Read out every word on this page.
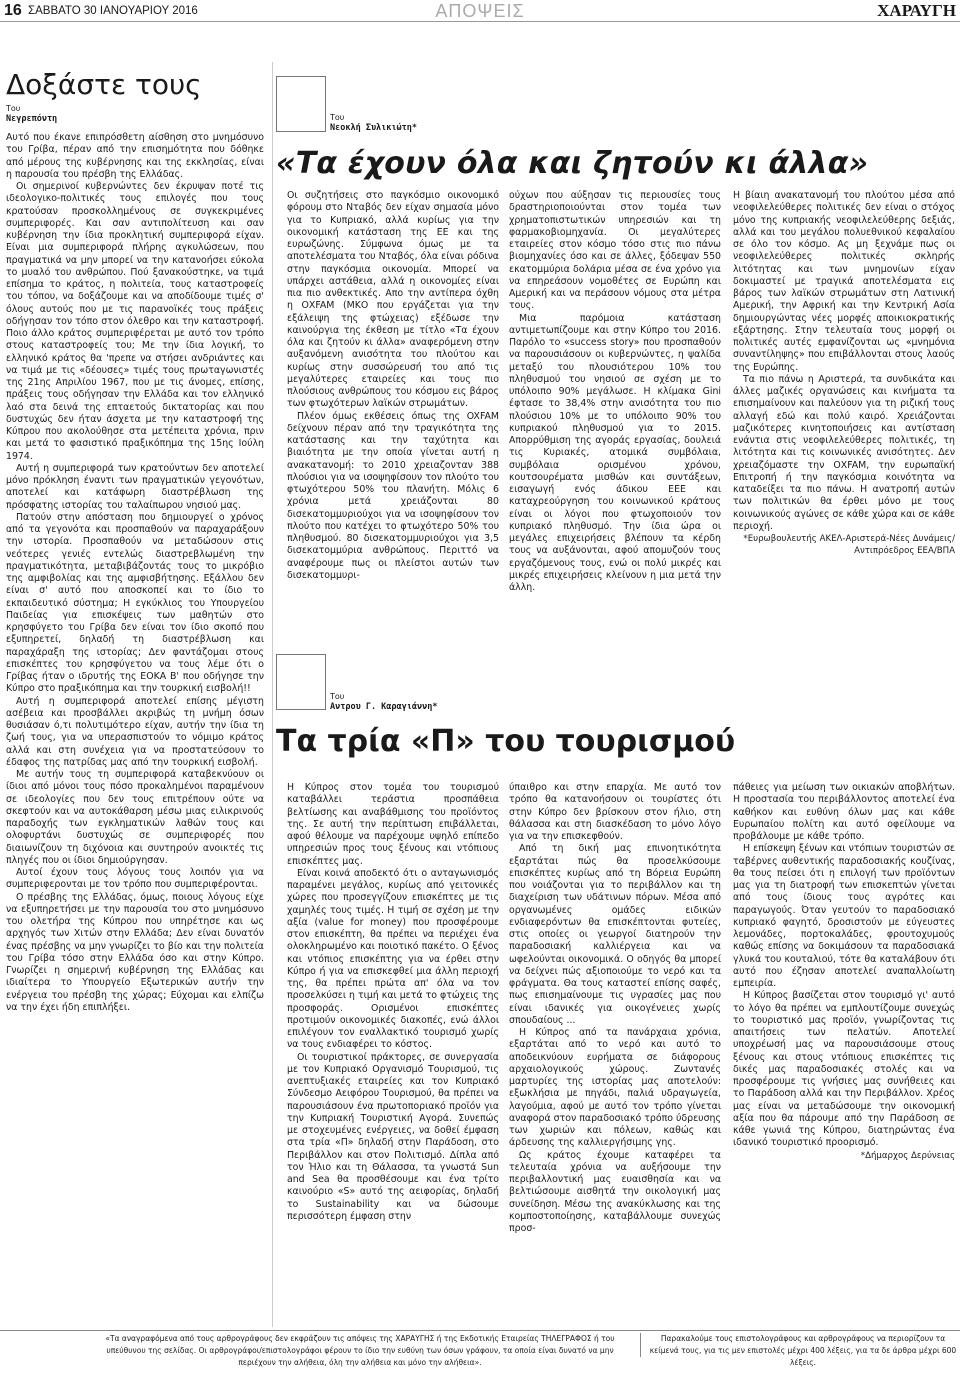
16	ΑΠΟΨΕΙΣ
ΣΑΒΒΑΤΟ 30 ΙΑΝΟΥΑΡΙΟΥ 2016	ΧΑΡΑΥΓΗ
Δοξάστε τους
Του
Νεγρεπόντη

Αυτό που έκανε επιπρόσθετη αίσθηση στο μνημόσυνο του Γρίβα, πέραν από την επισημότητα που δόθηκε από μέρους της κυβέρνησης και της εκκλησίας, είναι η παρουσία του πρέσβη της Ελλάδας.

Οι σημερινοί κυβερνώντες δεν έκρυψαν ποτέ τις ιδεολογικο-πολιτικές τους επιλογές που τους κρατούσαν προσκολλημένους σε συγκεκριμένες συμπεριφορές. Και σαν αντιπολίτευση και σαν κυβέρνηση την ίδια προκλητική συμπεριφορά είχαν. Είναι μια συμπεριφορά πλήρης αγκυλώσεων, που πραγματικά να μην μπορεί να την κατανοήσει εύκολα το μυαλό του ανθρώπου. Πού ξανακούστηκε, να τιμά επίσημα το κράτος, η πολιτεία, τους καταστροφείς του τόπου, να δοξάζουμε και να αποδίδουμε τιμές σ' όλους αυτούς που με τις παρανοϊκές τους πράξεις οδήγησαν τον τόπο στον όλεθρο και την καταστροφή. Ποιο άλλο κράτος συμπεριφέρεται με αυτό τον τρόπο στους καταστροφείς του; Με την ίδια λογική, το ελληνικό κράτος θα 'πρεπε να στήσει ανδριάντες και να τιμά με τις «δέουσες» τιμές τους πρωταγωνιστές της 21ης Απριλίου 1967, που με τις άνομες, επίσης, πράξεις τους οδήγησαν την Ελλάδα και τον ελληνικό λαό στα δεινά της επταετούς δικτατορίας και που δυστυχώς δεν ήταν άσχετα με την καταστροφή της Κύπρου που ακολούθησε στα μετέπειτα χρόνια, πριν και μετά το φασιστικό πραξικόπημα της 15ης Ιούλη 1974.

Αυτή η συμπεριφορά των κρατούντων δεν αποτελεί μόνο πρόκληση έναντι των πραγματικών γεγονότων, αποτελεί και κατάφωρη διαστρέβλωση της πρόσφατης ιστορίας του ταλαίπωρου νησιού μας.

Πατούν στην απόσταση που δημιουργεί ο χρόνος από τα γεγονότα και προσπαθούν να παραχαράξουν την ιστορία. Προσπαθούν να μεταδώσουν στις νεότερες γενιές εντελώς διαστρεβλωμένη την πραγματικότητα, μεταβιβάζοντάς τους το μικρόβιο της αμφιβολίας και της αμφισβήτησης. Εξάλλου δεν είναι σ' αυτό που αποσκοπεί και το ίδιο το εκπαιδευτικό σύστημα; Η εγκύκλιος του Υπουργείου Παιδείας για επισκέψεις των μαθητών στο κρησφύγετο του Γρίβα δεν είναι τον ίδιο σκοπό που εξυπηρετεί, δηλαδή τη διαστρέβλωση και παραχάραξη της ιστορίας; Δεν φαντάζομαι στους επισκέπτες του κρησφύγετου να τους λέμε ότι ο Γρίβας ήταν ο ιδρυτής της ΕΟΚΑ Β' που οδήγησε την Κύπρο στο πραξικόπημα και την τουρκική εισβολή!!

Αυτή η συμπεριφορά αποτελεί επίσης μέγιστη ασέβεια και προσβάλλει ακριβώς τη μνήμη όσων θυσιάσαν ό,τι πολυτιμότερο είχαν, αυτήν την ίδια τη ζωή τους, για να υπερασπιστούν το νόμιμο κράτος αλλά και στη συνέχεια για να προστατεύσουν το έδαφος της πατρίδας μας από την τουρκική εισβολή.

Με αυτήν τους τη συμπεριφορά καταβεκνύουν οι ίδιοι από μόνοι τους πόσο προκαλημένοι παραμένουν σε ιδεολογίες που δεν τους επιτρέπουν ούτε να σκεφτούν και να αυτοκάθαρση μέσω μιας ειλικρινούς παραδοχής των εγκληματικών λαθών τους και ολοφυρτάνι δυστυχώς σε συμπεριφορές που διαιωνίζουν τη διχόνοια και συντηρούν ανοικτές τις πληγές που οι ίδιοι δημιούργησαν.

Αυτοί έχουν τους λόγους τους λοιπόν για να συμπεριφερονται με τον τρόπο που συμπεριφέρονται.

Ο πρέσβης της Ελλάδας, όμως, ποιους λόγους είχε να εξυπηρετήσει με την παρουσία του στο μνημόσυνο του ολετήρα της Κύπρου που υπηρέτησε και ως αρχηγός των Χιτών στην Ελλάδα; Δεν είναι δυνατόν ένας πρέσβης να μην γνωρίζει το βίο και την πολιτεία του Γρίβα τόσο στην Ελλάδα όσο και στην Κύπρο. Γνωρίζει η σημερινή κυβέρνηση της Ελλάδας και ιδιαίτερα το Υπουργείο Εξωτερικών αυτήν την ενέργεια του πρέσβη της χώρας; Εύχομαι και ελπίζω να την έχει ήδη επιπλήξει.

Του
Νεοκλή Συλικιώτη*
«Τα έχουν όλα και ζητούν κι άλλα»

Οι συζητήσεις στο παγκόσμιο οικονομικό φόρουμ στο Νταβός δεν είχαν σημασία μόνο για το Κυπριακό, αλλά κυρίως για την οικονομική κατάσταση της ΕΕ και της ευρωζώνης. Σύμφωνα όμως με τα αποτελέσματα του Νταβός, όλα είναι ρόδινα στην παγκόσμια οικονομία. Μπορεί να υπάρχει αστάθεια, αλλά η οικονομίες είναι πια πιο ανθεκτικές. Απο την αντίπερα όχθη η ΟΧFAM (ΜΚΟ που εργάζεται για την εξάλειψη της φτώχειας) εξέδωσε την καινούργια της έκθεση με τίτλο «Τα έχουν όλα και ζητούν κι άλλα» αναφερόμενη στην αυξανόμενη ανισότητα του πλούτου και κυρίως στην συσσώρευσή του από τις μεγαλύτερες εταιρείες και τους πιο πλούσιους ανθρώπους του κόσμου εις βάρος των φτωχότερων λαϊκών στρωμάτων.

Πλέον όμως εκθέσεις όπως της OXFAM δείχνουν πέραν από την τραγικότητα της κατάστασης και την ταχύτητα και βιαιότητα με την οποία γίνεται αυτή η ανακατανομή: το 2010 χρειαζονταν 388 πλούσιοι για να ισοψηφίσουν τον πλούτο του φτωχότερου 50% του πλανήτη. Μόλις 6 χρόνια μετά χρειάζονται 80 δισεκατομμυριούχοι για να ισοψηφίσουν τον πλούτο που κατέχει το φτωχότερο 50% του πληθυσμού. 80 δισεκατομμυριούχοι για 3,5 δισεκατομμύρια ανθρώπους. Περιττό να αναφέρουμε πως οι πλείστοι αυτών των δισεκατομμυρι-

ούχων που αύξησαν τις περιουσίες τους δραστηριοποιούνται στον τομέα των χρηματοπιστωτικών υπηρεσιών και τη φαρμακοβιομηχανία. Οι μεγαλύτερες εταιρείες στον κόσμο τόσο στις πιο πάνω βιομηχανίες όσο και σε άλλες, ξόδεψαν 550 εκατομμύρια δολάρια μέσα σε ένα χρόνο για να επηρεάσουν νομοθέτες σε Ευρώπη και Αμερική και να περάσουν νόμους στα μέτρα τους.

Μια παρόμοια κατάσταση αντιμετωπίζουμε και στην Κύπρο του 2016. Παρόλο το «success story» που προσπαθούν να παρουσιάσουν οι κυβερνώντες, η ψαλίδα μεταξύ του πλουσιότερου 10% του πληθυσμού του νησιού σε σχέση με το υπόλοιπο 90% μεγάλωσε. Η κλίμακα Gini έφτασε το 38,4% στην ανισότητα του πιο πλούσιου 10% με το υπόλοιπο 90% του κυπριακού πληθυσμού για το 2015. Απορρύθμιση της αγοράς εργασίας, δουλειά τις Κυριακές, ατομικά συμβόλαια, συμβόλαια ορισμένου χρόνου, κουτσουρέματα μισθών και συντάξεων, εισαγωγή ενός άδικου ΕΕΕ και καταχρεούργηση του κοινωνικού κράτους είναι οι λόγοι που φτωχοποιούν τον κυπριακό πληθυσμό. Την ίδια ώρα οι μεγάλες επιχειρήσεις βλέπουν τα κέρδη τους να αυξάνονται, αφού απομυζούν τους εργαζόμενους τους, ενώ οι πολύ μικρές και μικρές επιχειρήσεις κλείνουν η μια μετά την άλλη.

Η βίαιη ανακατανομή του πλούτου μέσα από νεοφιλελεύθερες πολιτικές δεν είναι ο στόχος μόνο της κυπριακής νεοφιλελεύθερης δεξιάς, αλλά και του μεγάλου πολυεθνικού κεφαλαίου σε όλο τον κόσμο. Ας μη ξεχνάμε πως οι νεοφιλελεύθερες πολιτικές σκληρής λιτότητας και των μνημονίων είχαν δοκιμαστεί με τραγικά αποτελέσματα εις βάρος των λαϊκών στρωμάτων στη Λατινική Αμερική, την Αφρική και την Κεντρική Ασία δημιουργώντας νέες μορφές αποικιοκρατικής εξάρτησης. Στην τελευταία τους μορφή οι πολιτικές αυτές εμφανίζονται ως «μνημόνια συναντίληψης» που επιβάλλονται στους λαούς της Ευρώπης.

Τα πιο πάνω η Αριστερά, τα συνδικάτα και άλλες μαζικές οργανώσεις και κινήματα τα επισημαίνουν και παλεύουν για τη ριζική τους αλλαγή εδώ και πολύ καιρό. Χρειάζονται μαζικότερες κινητοποιήσεις και αντίσταση ενάντια στις νεοφιλελεύθερες πολιτικές, τη λιτότητα και τις κοινωνικές ανισότητες. Δεν χρειαζόμαστε την ΟΧFAM, την ευρωπαϊκή Επιτροπή ή την παγκόσμια κοινότητα να καταδείξει τα πιο πάνω. Η ανατροπή αυτών των πολιτικών θα έρθει μόνο με τους κοινωνικούς αγώνες σε κάθε χώρα και σε κάθε περιοχή.

*Ευρωβουλευτής ΑΚΕΛ-Αριστερά-Νέες Δυνάμεις/
Αντιπρόεδρος ΕΕΑ/ΒΠΑ
Του
Αντρου Γ. Καραγιάννη*
Τα τρία «Π» του τουρισμού

Η Κύπρος στον τομέα του τουρισμού καταβάλλει τεράστια προσπάθεια βελτίωσης και αναβάθμισης του προϊόντος της. Σε αυτή την περίπτωση επιβάλλεται, αφού θέλουμε να παρέχουμε υψηλό επίπεδο υπηρεσιών προς τους ξένους και ντόπιους επισκέπτες μας.

Είναι κοινά αποδεκτό ότι ο ανταγωνισμός παραμένει μεγάλος, κυρίως από γειτονικές χώρες που προσεγγίζουν επισκέπτες με τις χαμηλές τους τιμές. Η τιμή σε σχέση με την αξία (value for money) που προσφέρουμε στον επισκέπτη, θα πρέπει να περιέχει ένα ολοκληρωμένο και ποιοτικό πακέτο. Ο ξένος και ντόπιος επισκέπτης για να έρθει στην Κύπρο ή για να επισκεφθεί μια άλλη περιοχή της, θα πρέπει πρώτα απ' όλα να τον προσελκύσει η τιμή και μετά το φτώχεις της προσφοράς. Ορισμένοι επισκέπτες προτιμούν οικονομικές διακοπές, ενώ άλλοι επιλέγουν τον εναλλακτικό τουρισμό χωρίς να τους ενδιαφέρει το κόστος.

Οι τουριστικοί πράκτορες, σε συνεργασία με τον Κυπριακό Οργανισμό Τουρισμού, τις ανεπτυξιακές εταιρείες και τον Κυπριακό Σύνδεσμο Αειφόρου Τουρισμού, θα πρέπει να παρουσιάσουν ένα πρωτοποριακό προϊόν για την Κυπριακή Τουριστική Αγορά. Συνεπώς με στοχευμένες ενέργειες, να δοθεί έμφαση στα τρία «Π» δηλαδή στην Παράδοση, στο Περιβάλλον και στον Πολιτισμό. Δίπλα από τον Ήλιο και τη Θάλασσα, τα γνωστά Sun and Sea θα προσθέσουμε και ένα τρίτο καινούριο «S» αυτό της αειφορίας, δηλαδή το Sustainability και να δώσουμε περισσότερη έμφαση στην

ύπαιθρο και στην επαρχία. Με αυτό τον τρόπο θα κατανοήσουν οι τουρίστες ότι στην Κύπρο δεν βρίσκουν στον ήλιο, στη θάλασσα και στη διασκέδαση το μόνο λόγο για να την επισκεφθούν.

Από τη δική μας επινοητικότητα εξαρτάται πώς θα προσελκύσουμε επισκέπτες κυρίως από τη Βόρεια Ευρώπη που νοιάζονται για το περιβάλλον και τη διαχείριση των υδάτινων πόρων. Μέσα από οργανωμένες ομάδες ειδικών ενδιαφερόντων θα επισκέπτονται φυτείες, στις οποίες οι γεωργοί διατηρούν την παραδοσιακή καλλιέργεια και να ωφελούνται οικονομικά. Ο οδηγός θα μπορεί να δείχνει πώς αξιοποιούμε το νερό και τα φράγματα. Θα τους καταστεί επίσης σαφές, πως επισημαίνουμε τις υγρασίες μας που είναι ιδανικές για οικογένειες χωρίς σπουδαίους ...

Η Κύπρος από τα πανάρχαια χρόνια, εξαρτάται από το νερό και αυτό το αποδεικνύουν ευρήματα σε διάφορους αρχαιολογικούς χώρους. Ζωντανές μαρτυρίες της ιστορίας μας αποτελούν: εξωκλήσια με πηγάδι, παλιά υδραγωγεία, λαγούμια, αφού με αυτό τον τρόπο γίνεται αναφορά στον παραδοσιακό τρόπο ύδρευσης των χωριών και πόλεων, καθώς και άρδευσης της καλλιεργήσιμης γης.

Ως κράτος έχουμε καταφέρει τα τελευταία χρόνια να αυξήσουμε την περιβαλλοντική μας ευαισθησία και να βελτιώσουμε αισθητά την οικολογική μας συνείδηση. Μέσω της ανακύκλωσης και της κομποστοποίησης, καταβάλλουμε συνεχώς προσ-

πάθειες για μείωση των οικιακών αποβλήτων. Η προστασία του περιβάλλοντος αποτελεί ένα καθήκον και ευθύνη όλων μας και κάθε Ευρωπαίου πολίτη και αυτό οφείλουμε να προβάλουμε με κάθε τρόπο.

Η επίσκεψη ξένων και ντόπιων τουριστών σε ταβέρνες αυθεντικής παραδοσιακής κουζίνας, θα τους πείσει ότι η επιλογή των προϊόντων μας για τη διατροφή των επισκεπτών γίνεται από τους ίδιους τους αγρότες και παραγωγούς. Όταν γευτούν το παραδοσιακό κυπριακό φαγητό, δροσιστούν με εύγευστες λεμονάδες, πορτοκαλάδες, φρουτοχυμούς καθώς επίσης να δοκιμάσουν τα παραδοσιακά γλυκά του κουταλιού, τότε θα καταλάβουν ότι αυτό που έζησαν αποτελεί αναπαλλοίωτη εμπειρία.

Η Κύπρος βασίζεται στον τουρισμό γι' αυτό το λόγο θα πρέπει να εμπλουτίζουμε συνεχώς το τουριστικό μας προϊόν, γνωρίζοντας τις απαιτήσεις των πελατών. Αποτελεί υποχρέωσή μας να παρουσιάσουμε στους ξένους και στους ντόπιους επισκέπτες τις δικές μας παραδοσιακές στολές και να προσφέρουμε τις γνήσιες μας συνήθειες και το Παράδοση αλλά και την Περιβάλλον. Χρέος μας είναι να μεταδώσουμε την οικονομική αξία που θα πάρουμε από την Παράδοση σε κάθε γωνιά της Κύπρου, διατηρώντας ένα ιδανικό τουριστικό προορισμό.

*Δήμαρχος Δερύνειας
«Τα αναγραφόμενα από τους αρθρογράφους δεν εκφράζουν τις απόψεις της ΧΑΡΑΥΓΗΣ ή της Εκδοτικής Εταιρείας ΤΗΛΕΓΡΑΦΟΣ ή του υπεύθυνου της σελίδας. Οι αρθρογράφοι/επιστολογράφοι φέρουν το ίδιο την ευθύνη των όσων γράφουν, τα οποία είναι δυνατό να μην περιέχουν την αλήθεια, όλη την αλήθεια και μόνο την αλήθεια».
Παρακαλούμε τους επιστολογράφους και αρθρογράφους να περιορίζουν τα κείμενά τους, για τις μεν επιστολές μέχρι 400 λέξεις, για τα δε άρθρα μέχρι 600 λέξεις.
